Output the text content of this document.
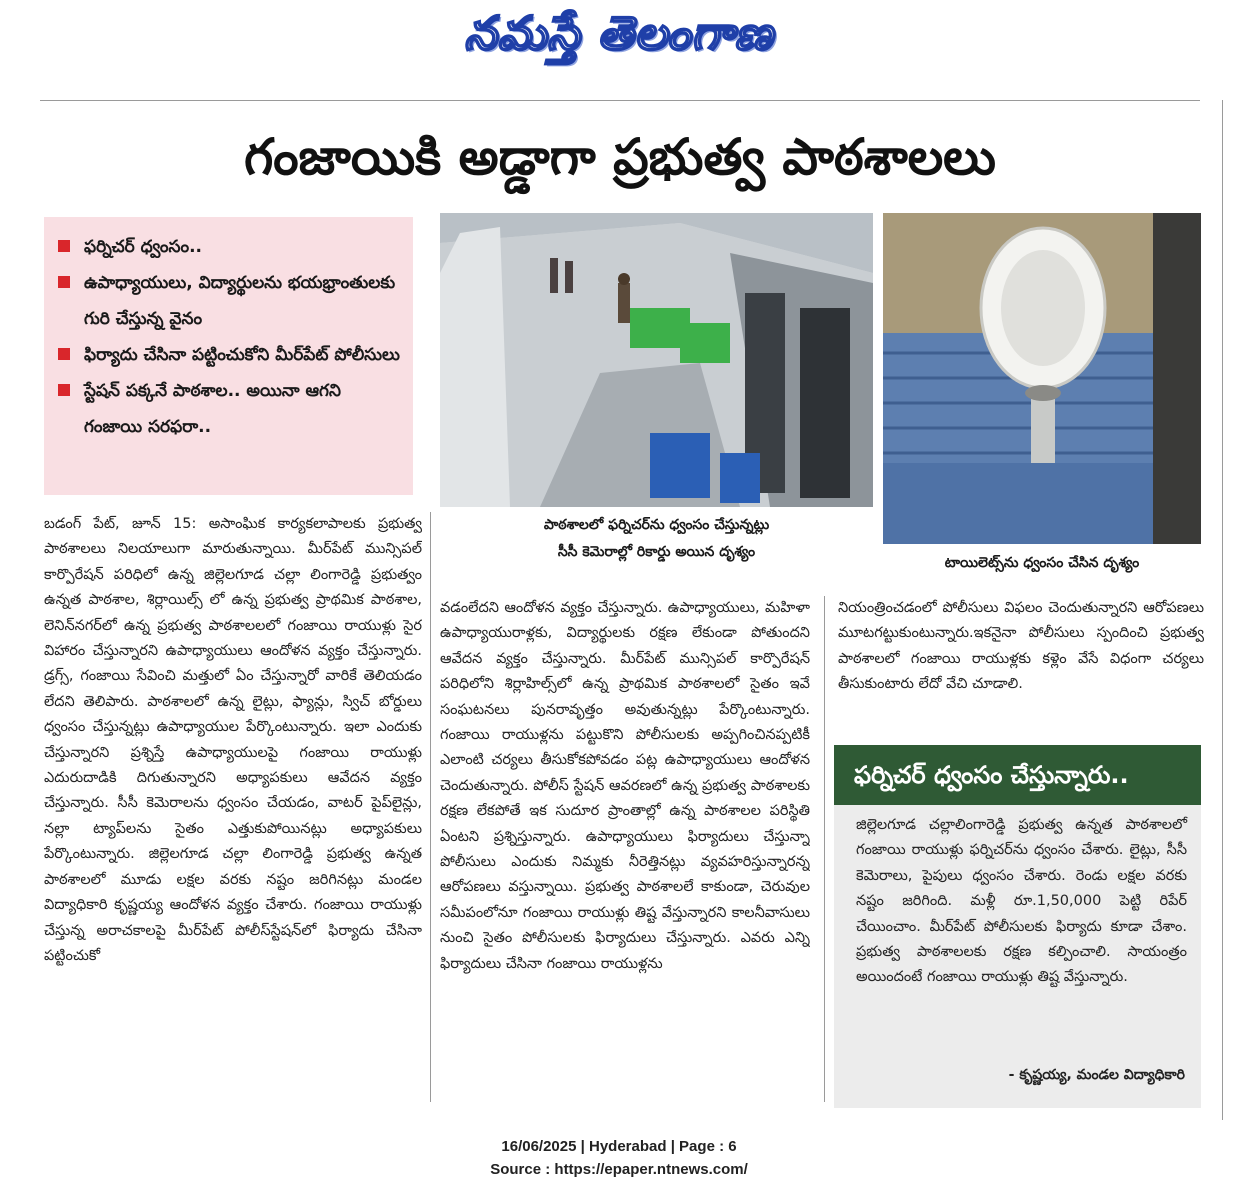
నమస్తే తెలంగాణ
గంజాయికి అడ్డాగా ప్రభుత్వ పాఠశాలలు
ఫర్నిచర్ ధ్వంసం..
ఉపాధ్యాయులు, విద్యార్థులను భయభ్రాంతులకు గురి చేస్తున్న వైనం
ఫిర్యాదు చేసినా పట్టించుకోని మీర్‌పేట్ పోలీసులు
స్టేషన్ పక్కనే పాఠశాల.. అయినా ఆగని గంజాయి సరఫరా..
పాఠశాలలో ఫర్నిచర్‌ను ధ్వంసం చేస్తున్నట్లు
సీసీ కెమెరాల్లో రికార్డు అయిన దృశ్యం
టాయిలెట్స్‌ను ధ్వంసం చేసిన దృశ్యం

బడంగ్ పేట్, జూన్ 15: అసాంఘిక కార్యకలాపాలకు ప్రభుత్వ పాఠశాలలు నిలయాలుగా మారుతున్నాయి. మీర్‌పేట్ మున్సిపల్ కార్పొరేషన్ పరిధిలో ఉన్న జిల్లెలగూడ చల్లా లింగారెడ్డి ప్రభుత్వం ఉన్నత పాఠశాల, శిర్లాయిల్స్ లో ఉన్న ప్రభుత్వ ప్రాథమిక పాఠశాల, లెనిన్‌నగర్‌లో ఉన్న ప్రభుత్వ పాఠశాలలలో గంజాయి రాయుళ్లు సైర విహారం చేస్తున్నారని ఉపాధ్యాయులు ఆందోళన వ్యక్తం చేస్తున్నారు. డ్రగ్స్, గంజాయి సేవించి మత్తులో ఏం చేస్తున్నారో వారికే తెలియడం లేదని తెలిపారు. పాఠశాలలో ఉన్న లైట్లు, ఫ్యాన్లు, స్విచ్ బోర్డులు ధ్వంసం చేస్తున్నట్లు ఉపాధ్యాయుల పేర్కొంటున్నారు. ఇలా ఎందుకు చేస్తున్నారని ప్రశ్నిస్తే ఉపాధ్యాయులపై గంజాయి రాయుళ్లు ఎదురుదాడికి దిగుతున్నారని అధ్యాపకులు ఆవేదన వ్యక్తం చేస్తున్నారు. సీసీ కెమెరాలను ధ్వంసం చేయడం, వాటర్ పైప్‌లైన్లు, నల్లా ట్యాప్‌లను సైతం ఎత్తుకుపోయినట్లు అధ్యాపకులు పేర్కొంటున్నారు. జిల్లెలగూడ చల్లా లింగారెడ్డి ప్రభుత్వ ఉన్నత పాఠశాలలో మూడు లక్షల వరకు నష్టం జరిగినట్లు మండల విద్యాధికారి కృష్ణయ్య ఆందోళన వ్యక్తం చేశారు. గంజాయి రాయుళ్లు చేస్తున్న అరాచకాలపై మీర్‌పేట్ పోలీస్‌స్టేషన్‌లో ఫిర్యాదు చేసినా పట్టించుకో

వడంలేదని ఆందోళన వ్యక్తం చేస్తున్నారు. ఉపాధ్యాయులు, మహిళా ఉపాధ్యాయురాళ్లకు, విద్యార్థులకు రక్షణ లేకుండా పోతుందని ఆవేదన వ్యక్తం చేస్తున్నారు. మీర్‌పేట్ మున్సిపల్ కార్పొరేషన్ పరిధిలోని శిర్లాహిల్స్‌లో ఉన్న ప్రాథమిక పాఠశాలలో సైతం ఇవే సంఘటనలు పునరావృత్తం అవుతున్నట్లు పేర్కొంటున్నారు. గంజాయి రాయుళ్లను పట్టుకొని పోలీసులకు అప్పగించినప్పటికీ ఎలాంటి చర్యలు తీసుకోకపోవడం పట్ల ఉపాధ్యాయులు ఆందోళన చెందుతున్నారు. పోలీస్ స్టేషన్ ఆవరణలో ఉన్న ప్రభుత్వ పాఠశాలకు రక్షణ లేకపోతే ఇక సుదూర ప్రాంతాల్లో ఉన్న పాఠశాలల పరిస్థితి ఏంటని ప్రశ్నిస్తున్నారు. ఉపాధ్యాయులు ఫిర్యాదులు చేస్తున్నా పోలీసులు ఎందుకు నిమ్మకు నీరెత్తినట్లు వ్యవహరిస్తున్నారన్న ఆరోపణలు వస్తున్నాయి. ప్రభుత్వ పాఠశాలలే కాకుండా, చెరువుల సమీపంలోనూ గంజాయి రాయుళ్లు తిష్ట వేస్తున్నారని కాలనీవాసులు నుంచి సైతం పోలీసులకు ఫిర్యాదులు చేస్తున్నారు. ఎవరు ఎన్ని ఫిర్యాదులు చేసినా గంజాయి రాయుళ్లను

నియంత్రించడంలో పోలీసులు విఫలం చెందుతున్నారని ఆరోపణలు మూటగట్టుకుంటున్నారు.ఇకనైనా పోలీసులు స్పందించి ప్రభుత్వ పాఠశాలలో గంజాయి రాయుళ్లకు కళ్లెం వేసే విధంగా చర్యలు తీసుకుంటారు లేదో వేచి చూడాలి.

ఫర్నిచర్ ధ్వంసం చేస్తున్నారు..
జిల్లెలగూడ చల్లాలింగారెడ్డి ప్రభుత్వ ఉన్నత పాఠశాలలో గంజాయి రాయుళ్లు ఫర్నిచర్‌ను ధ్వంసం చేశారు. లైట్లు, సీసీ కెమెరాలు, పైపులు ధ్వంసం చేశారు. రెండు లక్షల వరకు నష్టం జరిగింది. మళ్లీ రూ.1,50,000 పెట్టి రిపేర్ చేయించాం. మీర్‌పేట్ పోలీసులకు ఫిర్యాదు కూడా చేశాం. ప్రభుత్వ పాఠశాలలకు రక్షణ కల్పించాలి. సాయంత్రం అయిందంటే గంజాయి రాయుళ్లు తిష్ట వేస్తున్నారు.
- కృష్ణయ్య, మండల విద్యాధికారి
16/06/2025 | Hyderabad | Page : 6
Source : https://epaper.ntnews.com/
